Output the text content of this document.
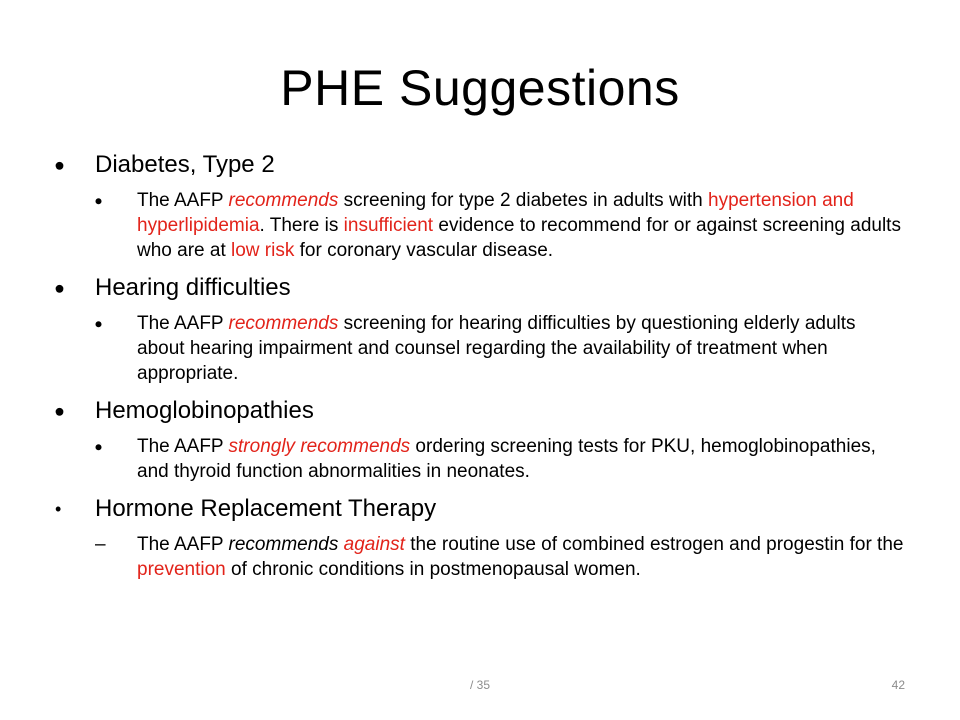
PHE Suggestions
⦁	Diabetes, Type 2
⦁	The AAFP recommends screening for type 2 diabetes in adults with hypertension and hyperlipidemia. There is insufficient evidence to recommend for or against screening adults who are at low risk for coronary vascular disease.
⦁	Hearing difficulties
⦁	The AAFP recommends screening for hearing difficulties by questioning elderly adults about hearing impairment and counsel regarding the availability of treatment when appropriate.
⦁	Hemoglobinopathies
⦁	The AAFP strongly recommends ordering screening tests for PKU, hemoglobinopathies, and thyroid function abnormalities in neonates.
•	Hormone Replacement Therapy
–	The AAFP recommends against the routine use of combined estrogen and progestin for the prevention of chronic conditions in postmenopausal women.
/ 35	42
